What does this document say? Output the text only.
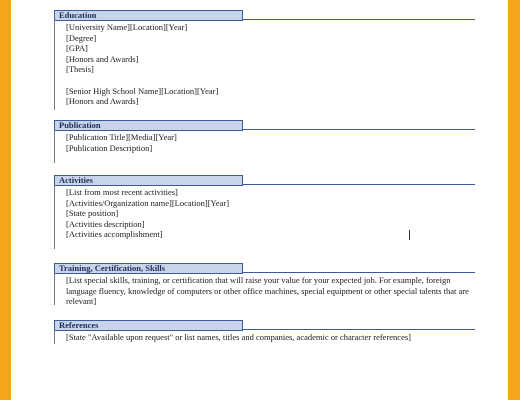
Education
[University Name][Location][Year]
[Degree]
[GPA]
[Honors and Awards]
[Thesis]
[Senior High School Name][Location][Year]
[Honors and Awards]
Publication
[Publication Title][Media][Year]
[Publication Description]
Activities
[List from most recent activities]
[Activities/Organization name][Location][Year]
[State position]
[Activities description]
[Activities accomplishment]
Training, Certification, Skills
[List special skills, training, or certification that will raise your value for your expected job. For example, foreign language fluency, knowledge of computers or other office machines, special equipment or other special talents that are relevant]
References
[State "Available upon request" or list names, titles and companies, academic or character references]
